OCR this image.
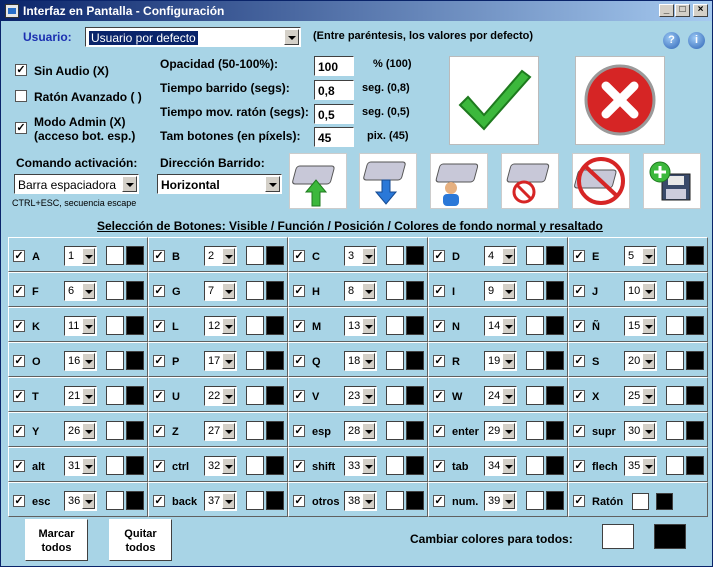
Interfaz en Pantalla - Configuración	_	□	×
Usuario: Usuario por defecto	(Entre paréntesis, los valores por defecto)	?	i
✓ Sin Audio (X)
Ratón Avanzado ( )
✓ Modo Admin (X)
(acceso bot. esp.)
Opacidad (50-100%):	100	% (100)
Tiempo barrido (segs):	0,8	seg. (0,8)
Tiempo mov. ratón (segs): 0,5	seg. (0,5)
Tam botones (en píxels):	45	pix. (45)
Comando activación:
Barra espaciadora
CTRL+ESC, secuencia escape
Dirección Barrido:
Horizontal
Selección de Botones: Visible / Función / Posición / Colores de fondo normal y resaltado
✓ A	1	✓ B	2	✓ C	3	✓ D	4	✓ E	5
✓ F	6	✓ G 7	✓ H	8	✓ I	9	✓ J	10
✓ K	11	✓ L	12	✓ M 13	✓ N	14	✓ Ñ	15
✓ O 16	✓ P	17	✓ Q 18	✓ R	19	✓ S	20
✓ T	21	✓ U	22	✓ V	23	✓ W 24	✓ X	25
✓ Y	26	✓ Z	27	✓ esp 28	✓ enter 29	✓ supr 30
✓ alt 31	✓ ctrl 32	✓ shift 33	✓ tab 34	✓ flech 35
✓ esc 36	✓ back 37	✓ otros 38	✓ num. 39	✓ Ratón
Marcar
todos
Quitar
todos
Cambiar colores para todos:
